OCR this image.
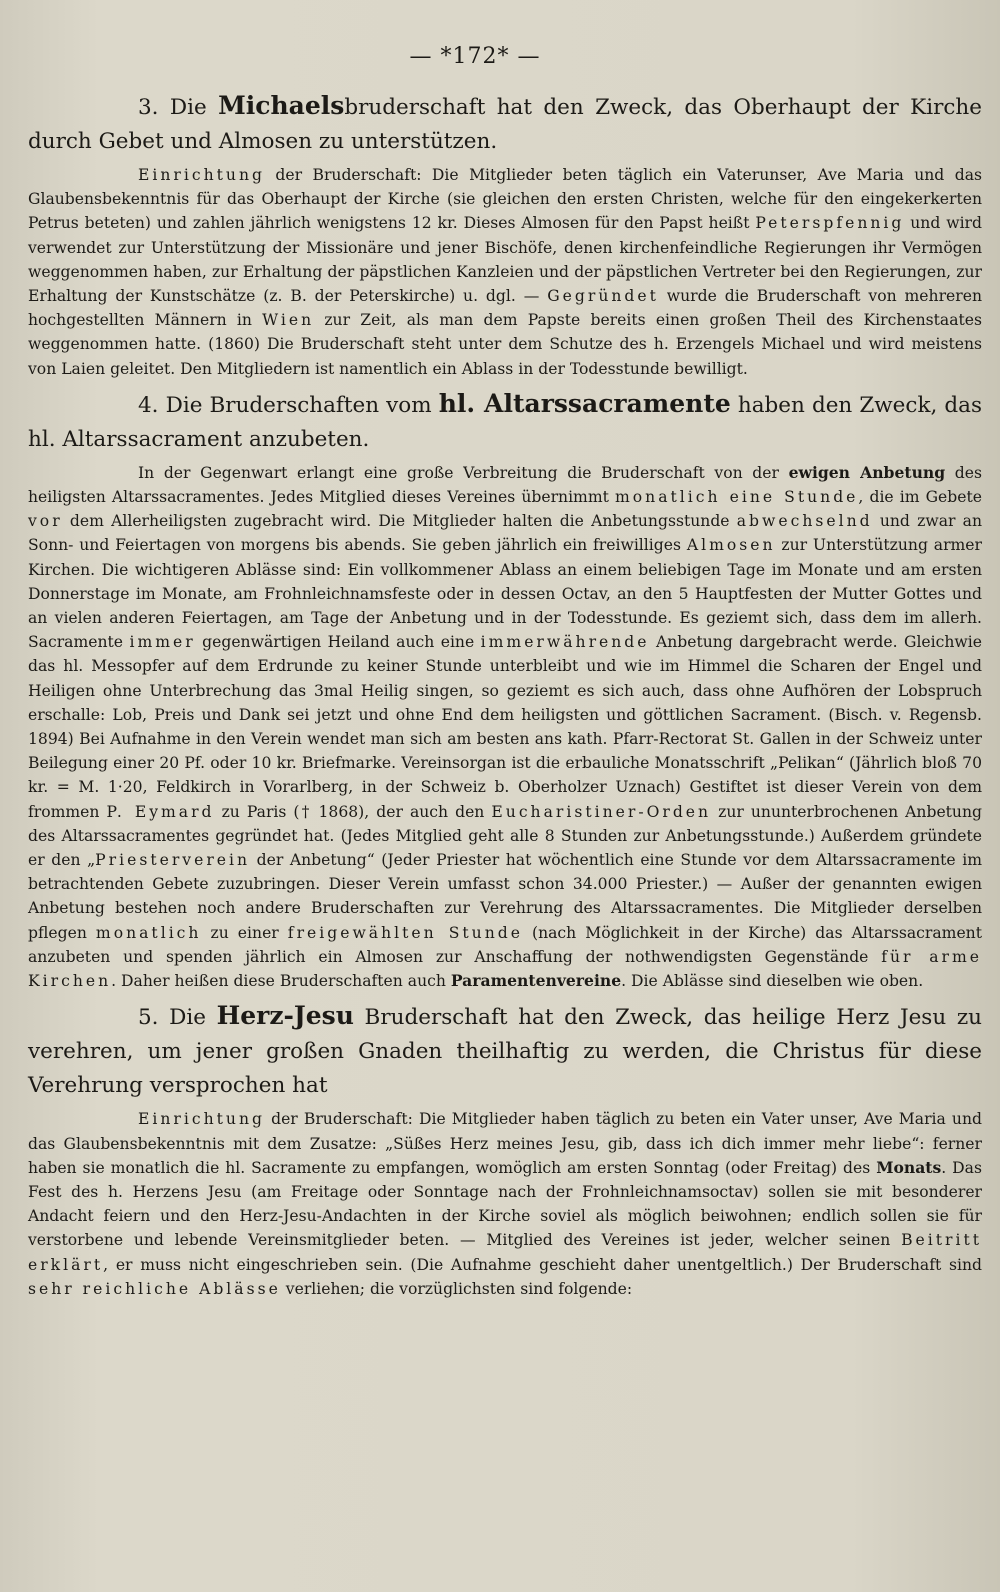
— *172* —

3. Die Michaelsbruderschaft hat den Zweck, das Oberhaupt der Kirche durch Gebet und Almosen zu unterstützen.

Einrichtung der Bruderschaft: Die Mitglieder beten täglich ein Vaterunser, Ave Maria und das Glaubensbekenntnis für das Oberhaupt der Kirche (sie gleichen den ersten Christen, welche für den eingekerkerten Petrus beteten) und zahlen jährlich wenigstens 12 kr. Dieses Almosen für den Papst heißt Peterspfennig und wird verwendet zur Unterstützung der Missionäre und jener Bischöfe, denen kirchenfeindliche Regierungen ihr Vermögen weggenommen haben, zur Erhaltung der päpstlichen Kanzleien und der päpstlichen Vertreter bei den Regierungen, zur Erhaltung der Kunstschätze (z. B. der Peterskirche) u. dgl. — Gegründet wurde die Bruderschaft von mehreren hochgestellten Männern in Wien zur Zeit, als man dem Papste bereits einen großen Theil des Kirchenstaates weggenommen hatte. (1860) Die Bruderschaft steht unter dem Schutze des h. Erzengels Michael und wird meistens von Laien geleitet. Den Mitgliedern ist namentlich ein Ablass in der Todesstunde bewilligt.

4. Die Bruderschaften vom hl. Altarssacramente haben den Zweck, das hl. Altarssacrament anzubeten.

In der Gegenwart erlangt eine große Verbreitung die Bruderschaft von der ewigen Anbetung des heiligsten Altarssacramentes. Jedes Mitglied dieses Vereines übernimmt monatlich eine Stunde, die im Gebete vor dem Allerheiligsten zugebracht wird. Die Mitglieder halten die Anbetungsstunde abwechselnd und zwar an Sonn- und Feiertagen von morgens bis abends. Sie geben jährlich ein freiwilliges Almosen zur Unterstützung armer Kirchen. Die wichtigeren Ablässe sind: Ein vollkommener Ablass an einem beliebigen Tage im Monate und am ersten Donnerstage im Monate, am Frohnleichnamsfeste oder in dessen Octav, an den 5 Hauptfesten der Mutter Gottes und an vielen anderen Feiertagen, am Tage der Anbetung und in der Todesstunde. Es geziemt sich, dass dem im allerh. Sacramente immer gegenwärtigen Heiland auch eine immerwährende Anbetung dargebracht werde. Gleichwie das hl. Messopfer auf dem Erdrunde zu keiner Stunde unterbleibt und wie im Himmel die Scharen der Engel und Heiligen ohne Unterbrechung das 3mal Heilig singen, so geziemt es sich auch, dass ohne Aufhören der Lobspruch erschalle: Lob, Preis und Dank sei jetzt und ohne End dem heiligsten und göttlichen Sacrament. (Bisch. v. Regensb. 1894) Bei Aufnahme in den Verein wendet man sich am besten ans kath. Pfarr-Rectorat St. Gallen in der Schweiz unter Beilegung einer 20 Pf. oder 10 kr. Briefmarke. Vereinsorgan ist die erbauliche Monatsschrift „Pelikan“ (Jährlich bloß 70 kr. = M. 1·20, Feldkirch in Vorarlberg, in der Schweiz b. Oberholzer Uznach) Gestiftet ist dieser Verein von dem frommen P. Eymard zu Paris († 1868), der auch den Eucharistiner-Orden zur ununterbrochenen Anbetung des Altarssacramentes gegründet hat. (Jedes Mitglied geht alle 8 Stunden zur Anbetungsstunde.) Außerdem gründete er den „Priesterverein der Anbetung“ (Jeder Priester hat wöchentlich eine Stunde vor dem Altarssacramente im betrachtenden Gebete zuzubringen. Dieser Verein umfasst schon 34.000 Priester.) — Außer der genannten ewigen Anbetung bestehen noch andere Bruderschaften zur Verehrung des Altarssacramentes. Die Mitglieder derselben pflegen monatlich zu einer freigewählten Stunde (nach Möglichkeit in der Kirche) das Altarssacrament anzubeten und spenden jährlich ein Almosen zur Anschaffung der nothwendigsten Gegenstände für arme Kirchen. Daher heißen diese Bruderschaften auch Paramentenvereine. Die Ablässe sind dieselben wie oben.

5. Die Herz-Jesu Bruderschaft hat den Zweck, das heilige Herz Jesu zu verehren, um jener großen Gnaden theilhaftig zu werden, die Christus für diese Verehrung versprochen hat

Einrichtung der Bruderschaft: Die Mitglieder haben täglich zu beten ein Vater unser, Ave Maria und das Glaubensbekenntnis mit dem Zusatze: „Süßes Herz meines Jesu, gib, dass ich dich immer mehr liebe“: ferner haben sie monatlich die hl. Sacramente zu empfangen, womöglich am ersten Sonntag (oder Freitag) des Monats. Das Fest des h. Herzens Jesu (am Freitage oder Sonntage nach der Frohnleichnamsoctav) sollen sie mit besonderer Andacht feiern und den Herz-Jesu-Andachten in der Kirche soviel als möglich beiwohnen; endlich sollen sie für verstorbene und lebende Vereinsmitglieder beten. — Mitglied des Vereines ist jeder, welcher seinen Beitritt erklärt, er muss nicht eingeschrieben sein. (Die Aufnahme geschieht daher unentgeltlich.) Der Bruderschaft sind sehr reichliche Ablässe verliehen; die vorzüglichsten sind folgende:
